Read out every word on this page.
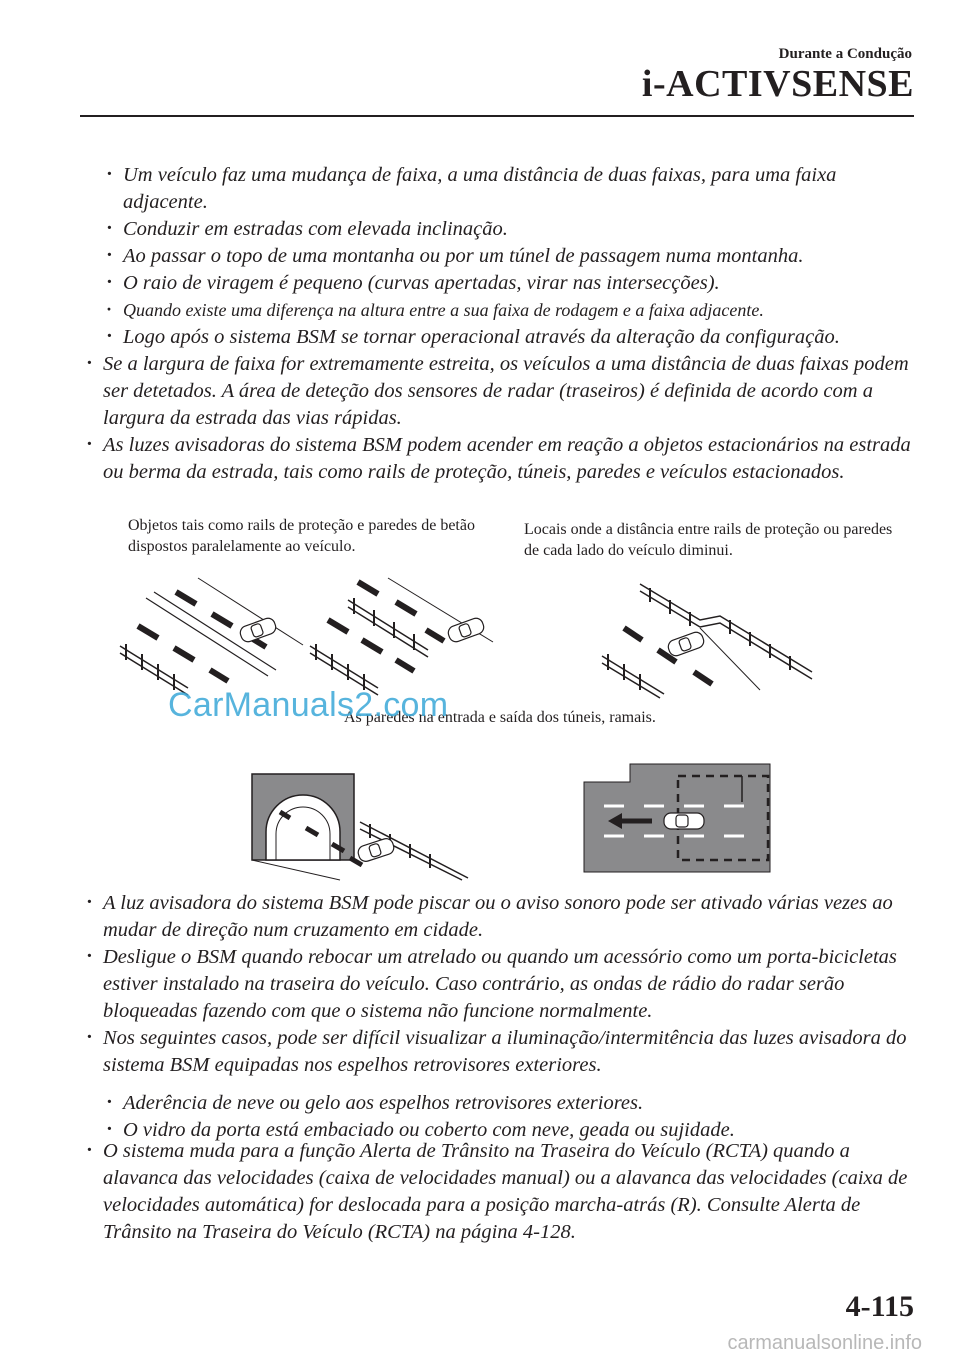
Durante a Condução
i-ACTIVSENSE
· Um veículo faz uma mudança de faixa, a uma distância de duas faixas, para uma faixa adjacente.
· Conduzir em estradas com elevada inclinação.
· Ao passar o topo de uma montanha ou por um túnel de passagem numa montanha.
· O raio de viragem é pequeno (curvas apertadas, virar nas intersecções).
· Quando existe uma diferença na altura entre a sua faixa de rodagem e a faixa adjacente.
· Logo após o sistema BSM se tornar operacional através da alteração da configuração.
· Se a largura de faixa for extremamente estreita, os veículos a uma distância de duas faixas podem ser detetados. A área de deteção dos sensores de radar (traseiros) é definida de acordo com a largura da estrada das vias rápidas.
· As luzes avisadoras do sistema BSM podem acender em reação a objetos estacionários na estrada ou berma da estrada, tais como rails de proteção, túneis, paredes e veículos estacionados.
Objetos tais como rails de proteção e paredes de betão dispostos paralelamente ao veículo.
Locais onde a distância entre rails de proteção ou paredes de cada lado do veículo diminui.
As paredes na entrada e saída dos túneis, ramais.
CarManuals2.com
· A luz avisadora do sistema BSM pode piscar ou o aviso sonoro pode ser ativado várias vezes ao mudar de direção num cruzamento em cidade.
· Desligue o BSM quando rebocar um atrelado ou quando um acessório como um porta-bicicletas estiver instalado na traseira do veículo. Caso contrário, as ondas de rádio do radar serão bloqueadas fazendo com que o sistema não funcione normalmente.
· Nos seguintes casos, pode ser difícil visualizar a iluminação/intermitência das luzes avisadora do sistema BSM equipadas nos espelhos retrovisores exteriores.
· Aderência de neve ou gelo aos espelhos retrovisores exteriores.
· O vidro da porta está embaciado ou coberto com neve, geada ou sujidade.
· O sistema muda para a função Alerta de Trânsito na Traseira do Veículo (RCTA) quando a alavanca das velocidades (caixa de velocidades manual) ou a alavanca das velocidades (caixa de velocidades automática) for deslocada para a posição marcha-atrás (R). Consulte Alerta de Trânsito na Traseira do Veículo (RCTA) na página 4-128.
4-115
carmanualsonline.info
